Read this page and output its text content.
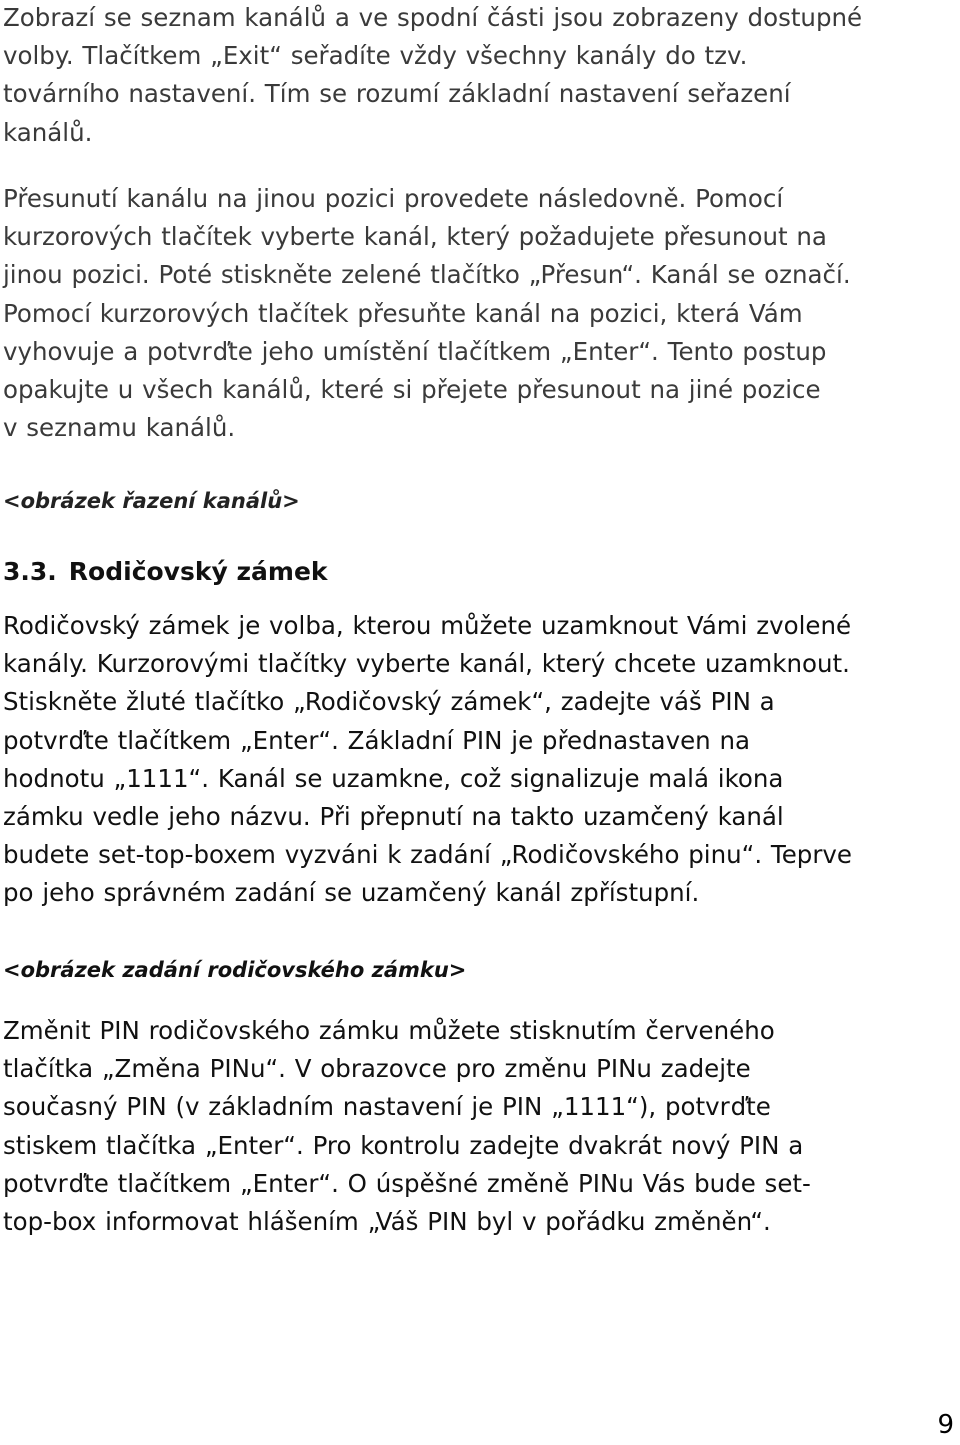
Zobrazí se seznam kanálů a ve spodní části jsou zobrazeny dostupné
volby. Tlačítkem „Exit“ seřadíte vždy všechny kanály do tzv.
továrního nastavení. Tím se rozumí základní nastavení seřazení
kanálů.
Přesunutí kanálu na jinou pozici provedete následovně. Pomocí
kurzorových tlačítek vyberte kanál, který požadujete přesunout na
jinou pozici. Poté stiskněte zelené tlačítko „Přesun“. Kanál se označí.
Pomocí kurzorových tlačítek přesuňte kanál na pozici, která Vám
vyhovuje a potvrďte jeho umístění tlačítkem „Enter“. Tento postup
opakujte u všech kanálů, které si přejete přesunout na jiné pozice
v seznamu kanálů.

<obrázek řazení kanálů>

3.3. Rodičovský zámek
Rodičovský zámek je volba, kterou můžete uzamknout Vámi zvolené
kanály. Kurzorovými tlačítky vyberte kanál, který chcete uzamknout.
Stiskněte žluté tlačítko „Rodičovský zámek“, zadejte váš PIN a
potvrďte tlačítkem „Enter“. Základní PIN je přednastaven na
hodnotu „1111“. Kanál se uzamkne, což signalizuje malá ikona
zámku vedle jeho názvu. Při přepnutí na takto uzamčený kanál
budete set-top-boxem vyzváni k zadání „Rodičovského pinu“. Teprve
po jeho správném zadání se uzamčený kanál zpřístupní.

<obrázek zadání rodičovského zámku>

Změnit PIN rodičovského zámku můžete stisknutím červeného
tlačítka „Změna PINu“. V obrazovce pro změnu PINu zadejte
současný PIN (v základním nastavení je PIN „1111“), potvrďte
stiskem tlačítka „Enter“. Pro kontrolu zadejte dvakrát nový PIN a
potvrďte tlačítkem „Enter“. O úspěšné změně PINu Vás bude set-
top-box informovat hlášením „Váš PIN byl v pořádku změněn“.

9
